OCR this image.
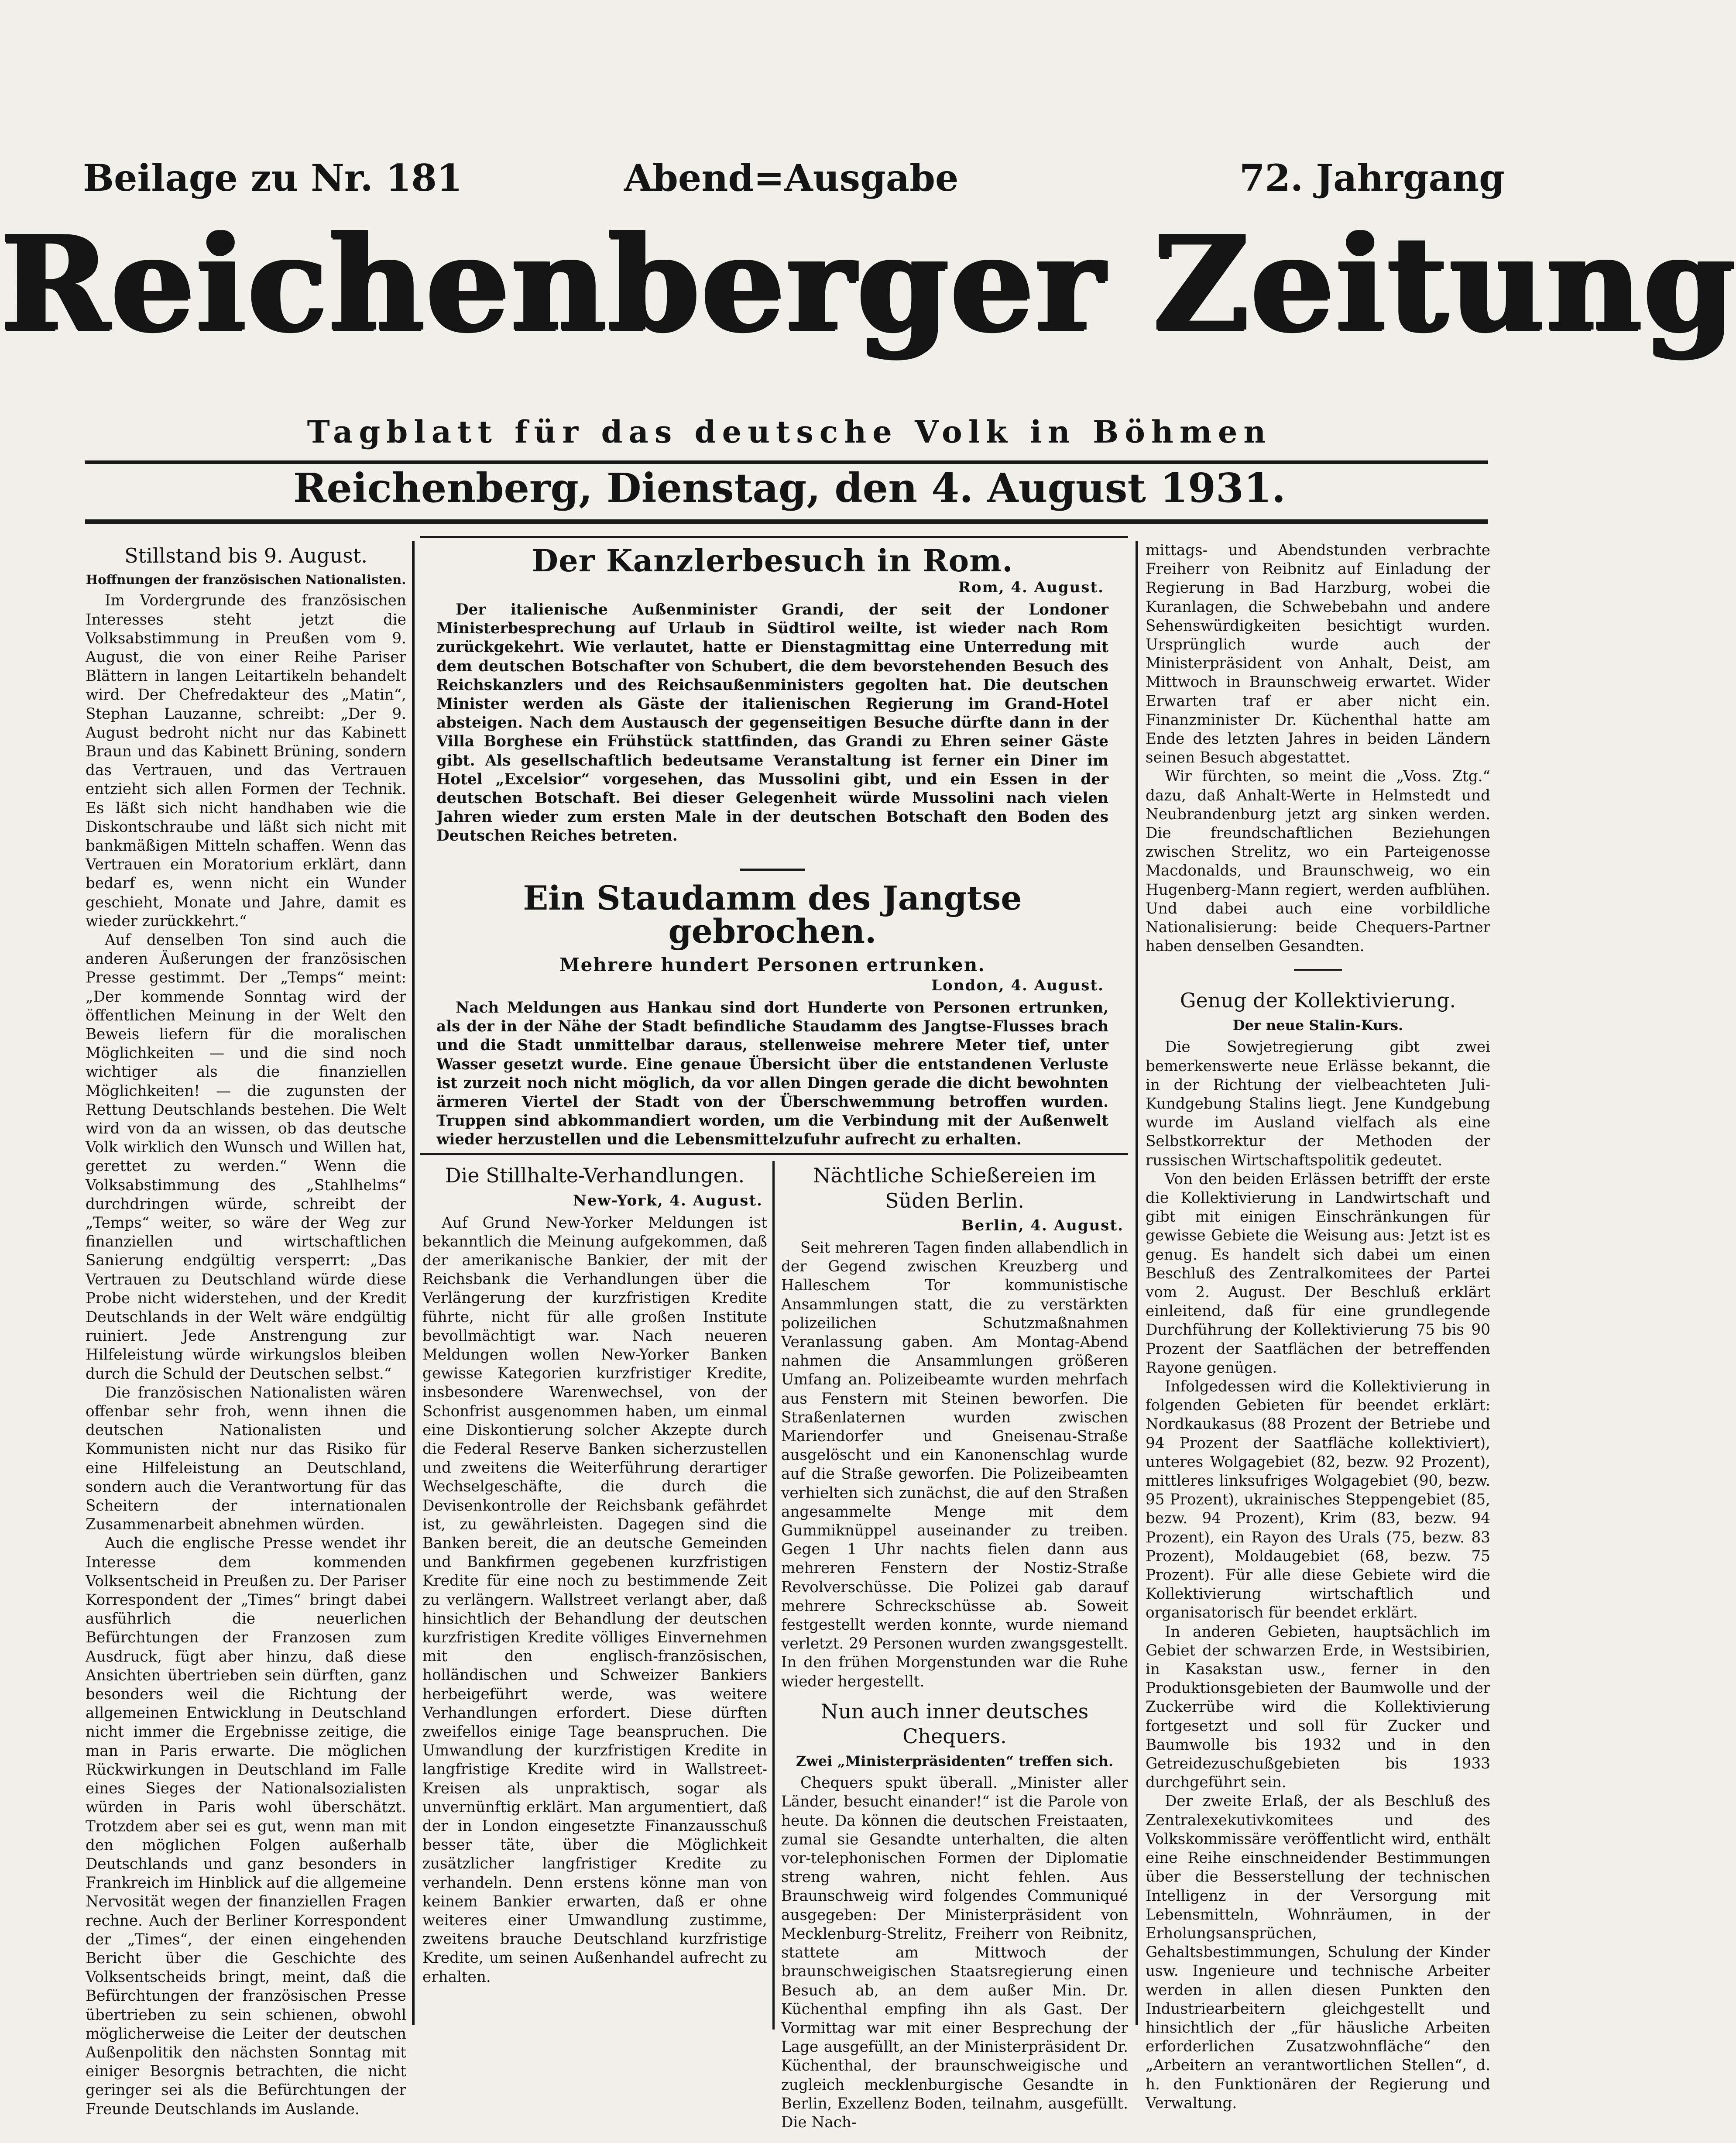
Beilage zu Nr. 181	Abend=Ausgabe	72. Jahrgang
Reichenberger Zeitung
Tagblatt für das deutsche Volk in Böhmen
Reichenberg, Dienstag, den 4. August 1931.
Stillstand bis 9. August.
Hoffnungen der französischen Nationalisten.

Im Vordergrunde des französischen Interesses steht jetzt die Volksabstimmung in Preußen vom 9. August, die von einer Reihe Pariser Blättern in langen Leitartikeln behandelt wird. Der Chefredakteur des „Matin“, Stephan Lauzanne, schreibt: „Der 9. August bedroht nicht nur das Kabinett Braun und das Kabinett Brüning, sondern das Vertrauen, und das Vertrauen entzieht sich allen Formen der Technik. Es läßt sich nicht handhaben wie die Diskontschraube und läßt sich nicht mit bankmäßigen Mitteln schaffen. Wenn das Vertrauen ein Moratorium erklärt, dann bedarf es, wenn nicht ein Wunder geschieht, Monate und Jahre, damit es wieder zurückkehrt.“

Auf denselben Ton sind auch die anderen Äußerungen der französischen Presse gestimmt. Der „Temps“ meint: „Der kommende Sonntag wird der öffentlichen Meinung in der Welt den Beweis liefern für die moralischen Möglichkeiten — und die sind noch wichtiger als die finanziellen Möglichkeiten! — die zugunsten der Rettung Deutschlands bestehen. Die Welt wird von da an wissen, ob das deutsche Volk wirklich den Wunsch und Willen hat, gerettet zu werden.“ Wenn die Volksabstimmung des „Stahlhelms“ durchdringen würde, schreibt der „Temps“ weiter, so wäre der Weg zur finanziellen und wirtschaftlichen Sanierung endgültig versperrt: „Das Vertrauen zu Deutschland würde diese Probe nicht widerstehen, und der Kredit Deutschlands in der Welt wäre endgültig ruiniert. Jede Anstrengung zur Hilfeleistung würde wirkungslos bleiben durch die Schuld der Deutschen selbst.“

Die französischen Nationalisten wären offenbar sehr froh, wenn ihnen die deutschen Nationalisten und Kommunisten nicht nur das Risiko für eine Hilfeleistung an Deutschland, sondern auch die Verantwortung für das Scheitern der internationalen Zusammenarbeit abnehmen würden.

Auch die englische Presse wendet ihr Interesse dem kommenden Volksentscheid in Preußen zu. Der Pariser Korrespondent der „Times“ bringt dabei ausführlich die neuerlichen Befürchtungen der Franzosen zum Ausdruck, fügt aber hinzu, daß diese Ansichten übertrieben sein dürften, ganz besonders weil die Richtung der allgemeinen Entwicklung in Deutschland nicht immer die Ergebnisse zeitige, die man in Paris erwarte. Die möglichen Rückwirkungen in Deutschland im Falle eines Sieges der Nationalsozialisten würden in Paris wohl überschätzt. Trotzdem aber sei es gut, wenn man mit den möglichen Folgen außerhalb Deutschlands und ganz besonders in Frankreich im Hinblick auf die allgemeine Nervosität wegen der finanziellen Fragen rechne. Auch der Berliner Korrespondent der „Times“, der einen eingehenden Bericht über die Geschichte des Volksentscheids bringt, meint, daß die Befürchtungen der französischen Presse übertrieben zu sein schienen, obwohl möglicherweise die Leiter der deutschen Außenpolitik den nächsten Sonntag mit einiger Besorgnis betrachten, die nicht geringer sei als die Befürchtungen der Freunde Deutschlands im Auslande.

Der Kanzlerbesuch in Rom.
Rom, 4. August.

Der italienische Außenminister Grandi, der seit der Londoner Ministerbesprechung auf Urlaub in Südtirol weilte, ist wieder nach Rom zurückgekehrt. Wie verlautet, hatte er Dienstagmittag eine Unterredung mit dem deutschen Botschafter von Schubert, die dem bevorstehenden Besuch des Reichskanzlers und des Reichsaußenministers gegolten hat. Die deutschen Minister werden als Gäste der italienischen Regierung im Grand-Hotel absteigen. Nach dem Austausch der gegenseitigen Besuche dürfte dann in der Villa Borghese ein Frühstück stattfinden, das Grandi zu Ehren seiner Gäste gibt. Als gesellschaftlich bedeutsame Veranstaltung ist ferner ein Diner im Hotel „Excelsior“ vorgesehen, das Mussolini gibt, und ein Essen in der deutschen Botschaft. Bei dieser Gelegenheit würde Mussolini nach vielen Jahren wieder zum ersten Male in der deutschen Botschaft den Boden des Deutschen Reiches betreten.

Ein Staudamm des Jangtse gebrochen.
Mehrere hundert Personen ertrunken.
London, 4. August.

Nach Meldungen aus Hankau sind dort Hunderte von Personen ertrunken, als der in der Nähe der Stadt befindliche Staudamm des Jangtse-Flusses brach und die Stadt unmittelbar daraus, stellenweise mehrere Meter tief, unter Wasser gesetzt wurde. Eine genaue Übersicht über die entstandenen Verluste ist zurzeit noch nicht möglich, da vor allen Dingen gerade die dicht bewohnten ärmeren Viertel der Stadt von der Überschwemmung betroffen wurden. Truppen sind abkommandiert worden, um die Verbindung mit der Außenwelt wieder herzustellen und die Lebensmittelzufuhr aufrecht zu erhalten.

Die Stillhalte-Verhandlungen.
New-York, 4. August.

Auf Grund New-Yorker Meldungen ist bekanntlich die Meinung aufgekommen, daß der amerikanische Bankier, der mit der Reichsbank die Verhandlungen über die Verlängerung der kurzfristigen Kredite führte, nicht für alle großen Institute bevollmächtigt war. Nach neueren Meldungen wollen New-Yorker Banken gewisse Kategorien kurzfristiger Kredite, insbesondere Warenwechsel, von der Schonfrist ausgenommen haben, um einmal eine Diskontierung solcher Akzepte durch die Federal Reserve Banken sicherzustellen und zweitens die Weiterführung derartiger Wechselgeschäfte, die durch die Devisenkontrolle der Reichsbank gefährdet ist, zu gewährleisten. Dagegen sind die Banken bereit, die an deutsche Gemeinden und Bankfirmen gegebenen kurzfristigen Kredite für eine noch zu bestimmende Zeit zu verlängern. Wallstreet verlangt aber, daß hinsichtlich der Behandlung der deutschen kurzfristigen Kredite völliges Einvernehmen mit den englisch-französischen, holländischen und Schweizer Bankiers herbeigeführt werde, was weitere Verhandlungen erfordert. Diese dürften zweifellos einige Tage beanspruchen. Die Umwandlung der kurzfristigen Kredite in langfristige Kredite wird in Wallstreet-Kreisen als unpraktisch, sogar als unvernünftig erklärt. Man argumentiert, daß der in London eingesetzte Finanzausschuß besser täte, über die Möglichkeit zusätzlicher langfristiger Kredite zu verhandeln. Denn erstens könne man von keinem Bankier erwarten, daß er ohne weiteres einer Umwandlung zustimme, zweitens brauche Deutschland kurzfristige Kredite, um seinen Außenhandel aufrecht zu erhalten.

Nächtliche Schießereien im Süden Berlin.
Berlin, 4. August.

Seit mehreren Tagen finden allabendlich in der Gegend zwischen Kreuzberg und Halleschem Tor kommunistische Ansammlungen statt, die zu verstärkten polizeilichen Schutzmaßnahmen Veranlassung gaben. Am Montag-Abend nahmen die Ansammlungen größeren Umfang an. Polizeibeamte wurden mehrfach aus Fenstern mit Steinen beworfen. Die Straßenlaternen wurden zwischen Mariendorfer und Gneisenau-Straße ausgelöscht und ein Kanonenschlag wurde auf die Straße geworfen. Die Polizeibeamten verhielten sich zunächst, die auf den Straßen angesammelte Menge mit dem Gummiknüppel auseinander zu treiben. Gegen 1 Uhr nachts fielen dann aus mehreren Fenstern der Nostiz-Straße Revolverschüsse. Die Polizei gab darauf mehrere Schreckschüsse ab. Soweit festgestellt werden konnte, wurde niemand verletzt. 29 Personen wurden zwangsgestellt. In den frühen Morgenstunden war die Ruhe wieder hergestellt.

Nun auch inner deutsches Chequers.
Zwei „Ministerpräsidenten“ treffen sich.

Chequers spukt überall. „Minister aller Länder, besucht einander!“ ist die Parole von heute. Da können die deutschen Freistaaten, zumal sie Gesandte unterhalten, die alten vor-telephonischen Formen der Diplomatie streng wahren, nicht fehlen. Aus Braunschweig wird folgendes Communiqué ausgegeben: Der Ministerpräsident von Mecklenburg-Strelitz, Freiherr von Reibnitz, stattete am Mittwoch der braunschweigischen Staatsregierung einen Besuch ab, an dem außer Min. Dr. Küchenthal empfing ihn als Gast. Der Vormittag war mit einer Besprechung der Lage ausgefüllt, an der Ministerpräsident Dr. Küchenthal, der braunschweigische und zugleich mecklenburgische Gesandte in Berlin, Exzellenz Boden, teilnahm, ausgefüllt. Die Nach-

mittags- und Abendstunden verbrachte Freiherr von Reibnitz auf Einladung der Regierung in Bad Harzburg, wobei die Kuranlagen, die Schwebebahn und andere Sehenswürdigkeiten besichtigt wurden. Ursprünglich wurde auch der Ministerpräsident von Anhalt, Deist, am Mittwoch in Braunschweig erwartet. Wider Erwarten traf er aber nicht ein. Finanzminister Dr. Küchenthal hatte am Ende des letzten Jahres in beiden Ländern seinen Besuch abgestattet.

Wir fürchten, so meint die „Voss. Ztg.“ dazu, daß Anhalt-Werte in Helmstedt und Neubrandenburg jetzt arg sinken werden. Die freundschaftlichen Beziehungen zwischen Strelitz, wo ein Parteigenosse Macdonalds, und Braunschweig, wo ein Hugenberg-Mann regiert, werden aufblühen. Und dabei auch eine vorbildliche Nationalisierung: beide Chequers-Partner haben denselben Gesandten.

Genug der Kollektivierung.
Der neue Stalin-Kurs.

Die Sowjetregierung gibt zwei bemerkenswerte neue Erlässe bekannt, die in der Richtung der vielbeachteten Juli-Kundgebung Stalins liegt. Jene Kundgebung wurde im Ausland vielfach als eine Selbstkorrektur der Methoden der russischen Wirtschaftspolitik gedeutet.

Von den beiden Erlässen betrifft der erste die Kollektivierung in Landwirtschaft und gibt mit einigen Einschränkungen für gewisse Gebiete die Weisung aus: Jetzt ist es genug. Es handelt sich dabei um einen Beschluß des Zentralkomitees der Partei vom 2. August. Der Beschluß erklärt einleitend, daß für eine grundlegende Durchführung der Kollektivierung 75 bis 90 Prozent der Saatflächen der betreffenden Rayone genügen.

Infolgedessen wird die Kollektivierung in folgenden Gebieten für beendet erklärt: Nordkaukasus (88 Prozent der Betriebe und 94 Prozent der Saatfläche kollektiviert), unteres Wolgagebiet (82, bezw. 92 Prozent), mittleres linksufriges Wolgagebiet (90, bezw. 95 Prozent), ukrainisches Steppengebiet (85, bezw. 94 Prozent), Krim (83, bezw. 94 Prozent), ein Rayon des Urals (75, bezw. 83 Prozent), Moldaugebiet (68, bezw. 75 Prozent). Für alle diese Gebiete wird die Kollektivierung wirtschaftlich und organisatorisch für beendet erklärt.

In anderen Gebieten, hauptsächlich im Gebiet der schwarzen Erde, in Westsibirien, in Kasakstan usw., ferner in den Produktionsgebieten der Baumwolle und der Zuckerrübe wird die Kollektivierung fortgesetzt und soll für Zucker und Baumwolle bis 1932 und in den Getreidezuschußgebieten bis 1933 durchgeführt sein.

Der zweite Erlaß, der als Beschluß des Zentralexekutivkomitees und des Volkskommissäre veröffentlicht wird, enthält eine Reihe einschneidender Bestimmungen über die Besserstellung der technischen Intelligenz in der Versorgung mit Lebensmitteln, Wohnräumen, in der Erholungsansprüchen, Gehaltsbestimmungen, Schulung der Kinder usw. Ingenieure und technische Arbeiter werden in allen diesen Punkten den Industriearbeitern gleichgestellt und hinsichtlich der „für häusliche Arbeiten erforderlichen Zusatzwohnfläche“ den „Arbeitern an verantwortlichen Stellen“, d. h. den Funktionären der Regierung und Verwaltung.
